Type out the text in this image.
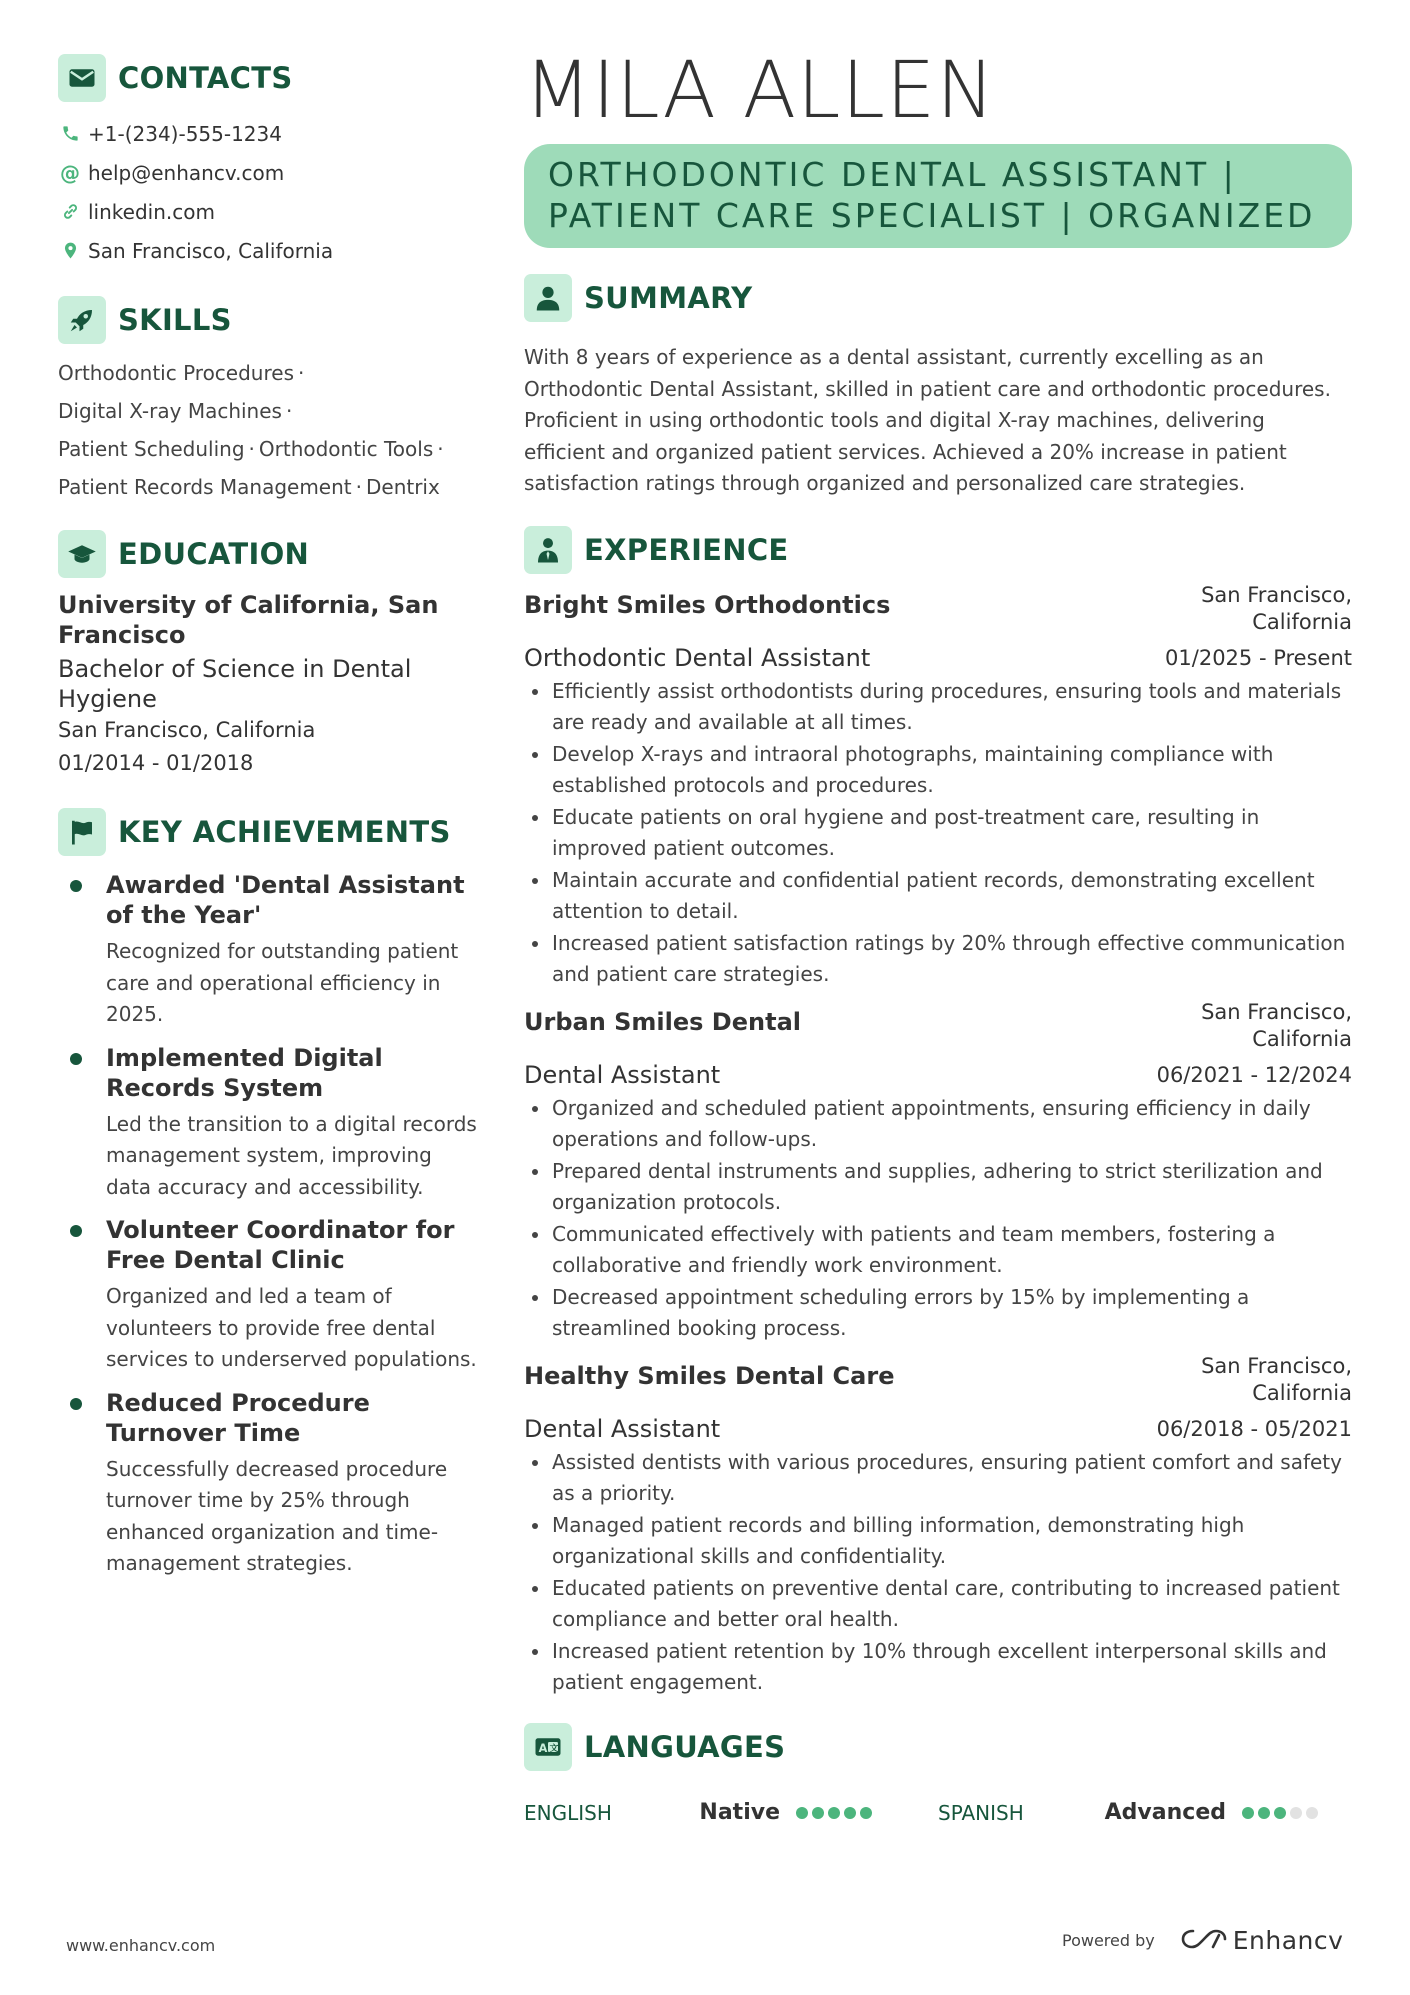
CONTACTS
+1-(234)-555-1234
@ help@enhancv.com
linkedin.com
San Francisco, California
SKILLS
Orthodontic Procedures ·
Digital X-ray Machines ·
Patient Scheduling · Orthodontic Tools ·
Patient Records Management · Dentrix
EDUCATION
University of California, San Francisco
Bachelor of Science in Dental Hygiene
San Francisco, California
01/2014 - 01/2018
KEY ACHIEVEMENTS
Awarded 'Dental Assistant of the Year'
Recognized for outstanding patient care and operational efficiency in 2025.
Implemented Digital Records System
Led the transition to a digital records management system, improving data accuracy and accessibility.
Volunteer Coordinator for Free Dental Clinic
Organized and led a team of volunteers to provide free dental services to underserved populations.
Reduced Procedure Turnover Time
Successfully decreased procedure turnover time by 25% through enhanced organization and time-management strategies.
MILA ALLEN
ORTHODONTIC DENTAL ASSISTANT |
PATIENT CARE SPECIALIST | ORGANIZED
SUMMARY
With 8 years of experience as a dental assistant, currently excelling as an Orthodontic Dental Assistant, skilled in patient care and orthodontic procedures. Proficient in using orthodontic tools and digital X-ray machines, delivering efficient and organized patient services. Achieved a 20% increase in patient satisfaction ratings through organized and personalized care strategies.
EXPERIENCE
Bright Smiles Orthodontics	San Francisco,
California
Orthodontic Dental Assistant	01/2025 - Present
Efficiently assist orthodontists during procedures, ensuring tools and materials are ready and available at all times.
Develop X-rays and intraoral photographs, maintaining compliance with established protocols and procedures.
Educate patients on oral hygiene and post-treatment care, resulting in improved patient outcomes.
Maintain accurate and confidential patient records, demonstrating excellent attention to detail.
Increased patient satisfaction ratings by 20% through effective communication and patient care strategies.
Urban Smiles Dental	San Francisco,
California
Dental Assistant	06/2021 - 12/2024
Organized and scheduled patient appointments, ensuring efficiency in daily operations and follow-ups.
Prepared dental instruments and supplies, adhering to strict sterilization and organization protocols.
Communicated effectively with patients and team members, fostering a collaborative and friendly work environment.
Decreased appointment scheduling errors by 15% by implementing a streamlined booking process.
Healthy Smiles Dental Care	San Francisco,
California
Dental Assistant	06/2018 - 05/2021
Assisted dentists with various procedures, ensuring patient comfort and safety as a priority.
Managed patient records and billing information, demonstrating high organizational skills and confidentiality.
Educated patients on preventive dental care, contributing to increased patient compliance and better oral health.
Increased patient retention by 10% through excellent interpersonal skills and patient engagement.
A 文 LANGUAGES
ENGLISH	Native	SPANISH	Advanced
www.enhancv.com	Powered by	Enhancv
